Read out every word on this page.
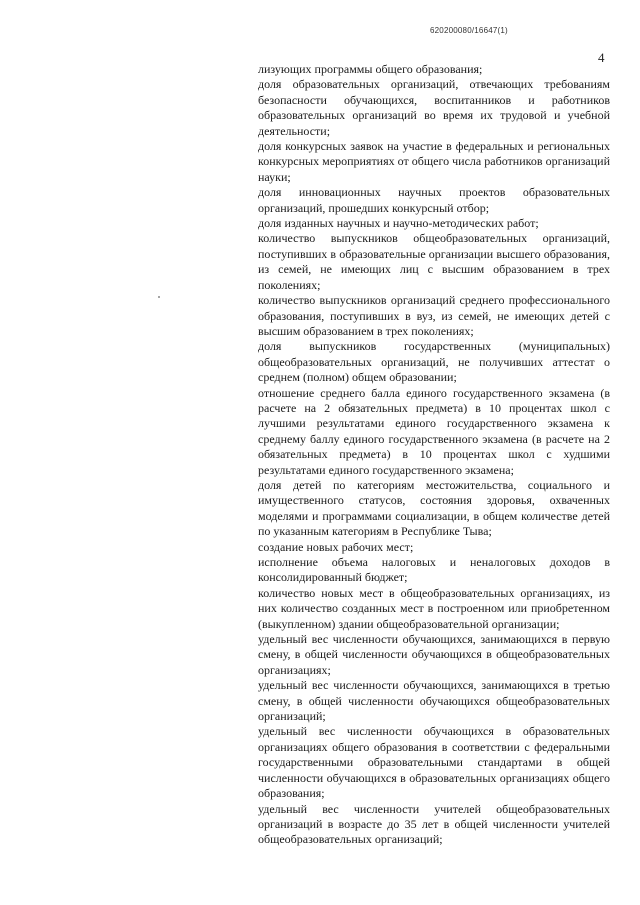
620200080/16647(1)
4

лизующих программы общего образования;

доля образовательных организаций, отвечающих требованиям безопасности обучающихся, воспитанников и работников образовательных организаций во время их трудовой и учебной деятельности;

доля конкурсных заявок на участие в федеральных и региональных конкурсных мероприятиях от общего числа работников организаций науки;

доля инновационных научных проектов образовательных организаций, прошедших конкурсный отбор;

доля изданных научных и научно-методических работ;

количество выпускников общеобразовательных организаций, поступивших в образовательные организации высшего образования, из семей, не имеющих лиц с высшим образованием в трех поколениях;

количество выпускников организаций среднего профессионального образования, поступивших в вуз, из семей, не имеющих детей с высшим образованием в трех поколениях;

доля выпускников государственных (муниципальных) общеобразовательных организаций, не получивших аттестат о среднем (полном) общем образовании;

отношение среднего балла единого государственного экзамена (в расчете на 2 обязательных предмета) в 10 процентах школ с лучшими результатами единого государственного экзамена к среднему баллу единого государственного экзамена (в расчете на 2 обязательных предмета) в 10 процентах школ с худшими результатами единого государственного экзамена;

доля детей по категориям местожительства, социального и имущественного статусов, состояния здоровья, охваченных моделями и программами социализации, в общем количестве детей по указанным категориям в Республике Тыва;

создание новых рабочих мест;

исполнение объема налоговых и неналоговых доходов в консолидированный бюджет;

количество новых мест в общеобразовательных организациях, из них количество созданных мест в построенном или приобретенном (выкупленном) здании общеобразовательной организации;

удельный вес численности обучающихся, занимающихся в первую смену, в общей численности обучающихся в общеобразовательных организациях;

удельный вес численности обучающихся, занимающихся в третью смену, в общей численности обучающихся общеобразовательных организаций;

удельный вес численности обучающихся в образовательных организациях общего образования в соответствии с федеральными государственными образовательными стандартами в общей численности обучающихся в образовательных организациях общего образования;

удельный вес численности учителей общеобразовательных организаций в возрасте до 35 лет в общей численности учителей общеобразовательных организаций;
